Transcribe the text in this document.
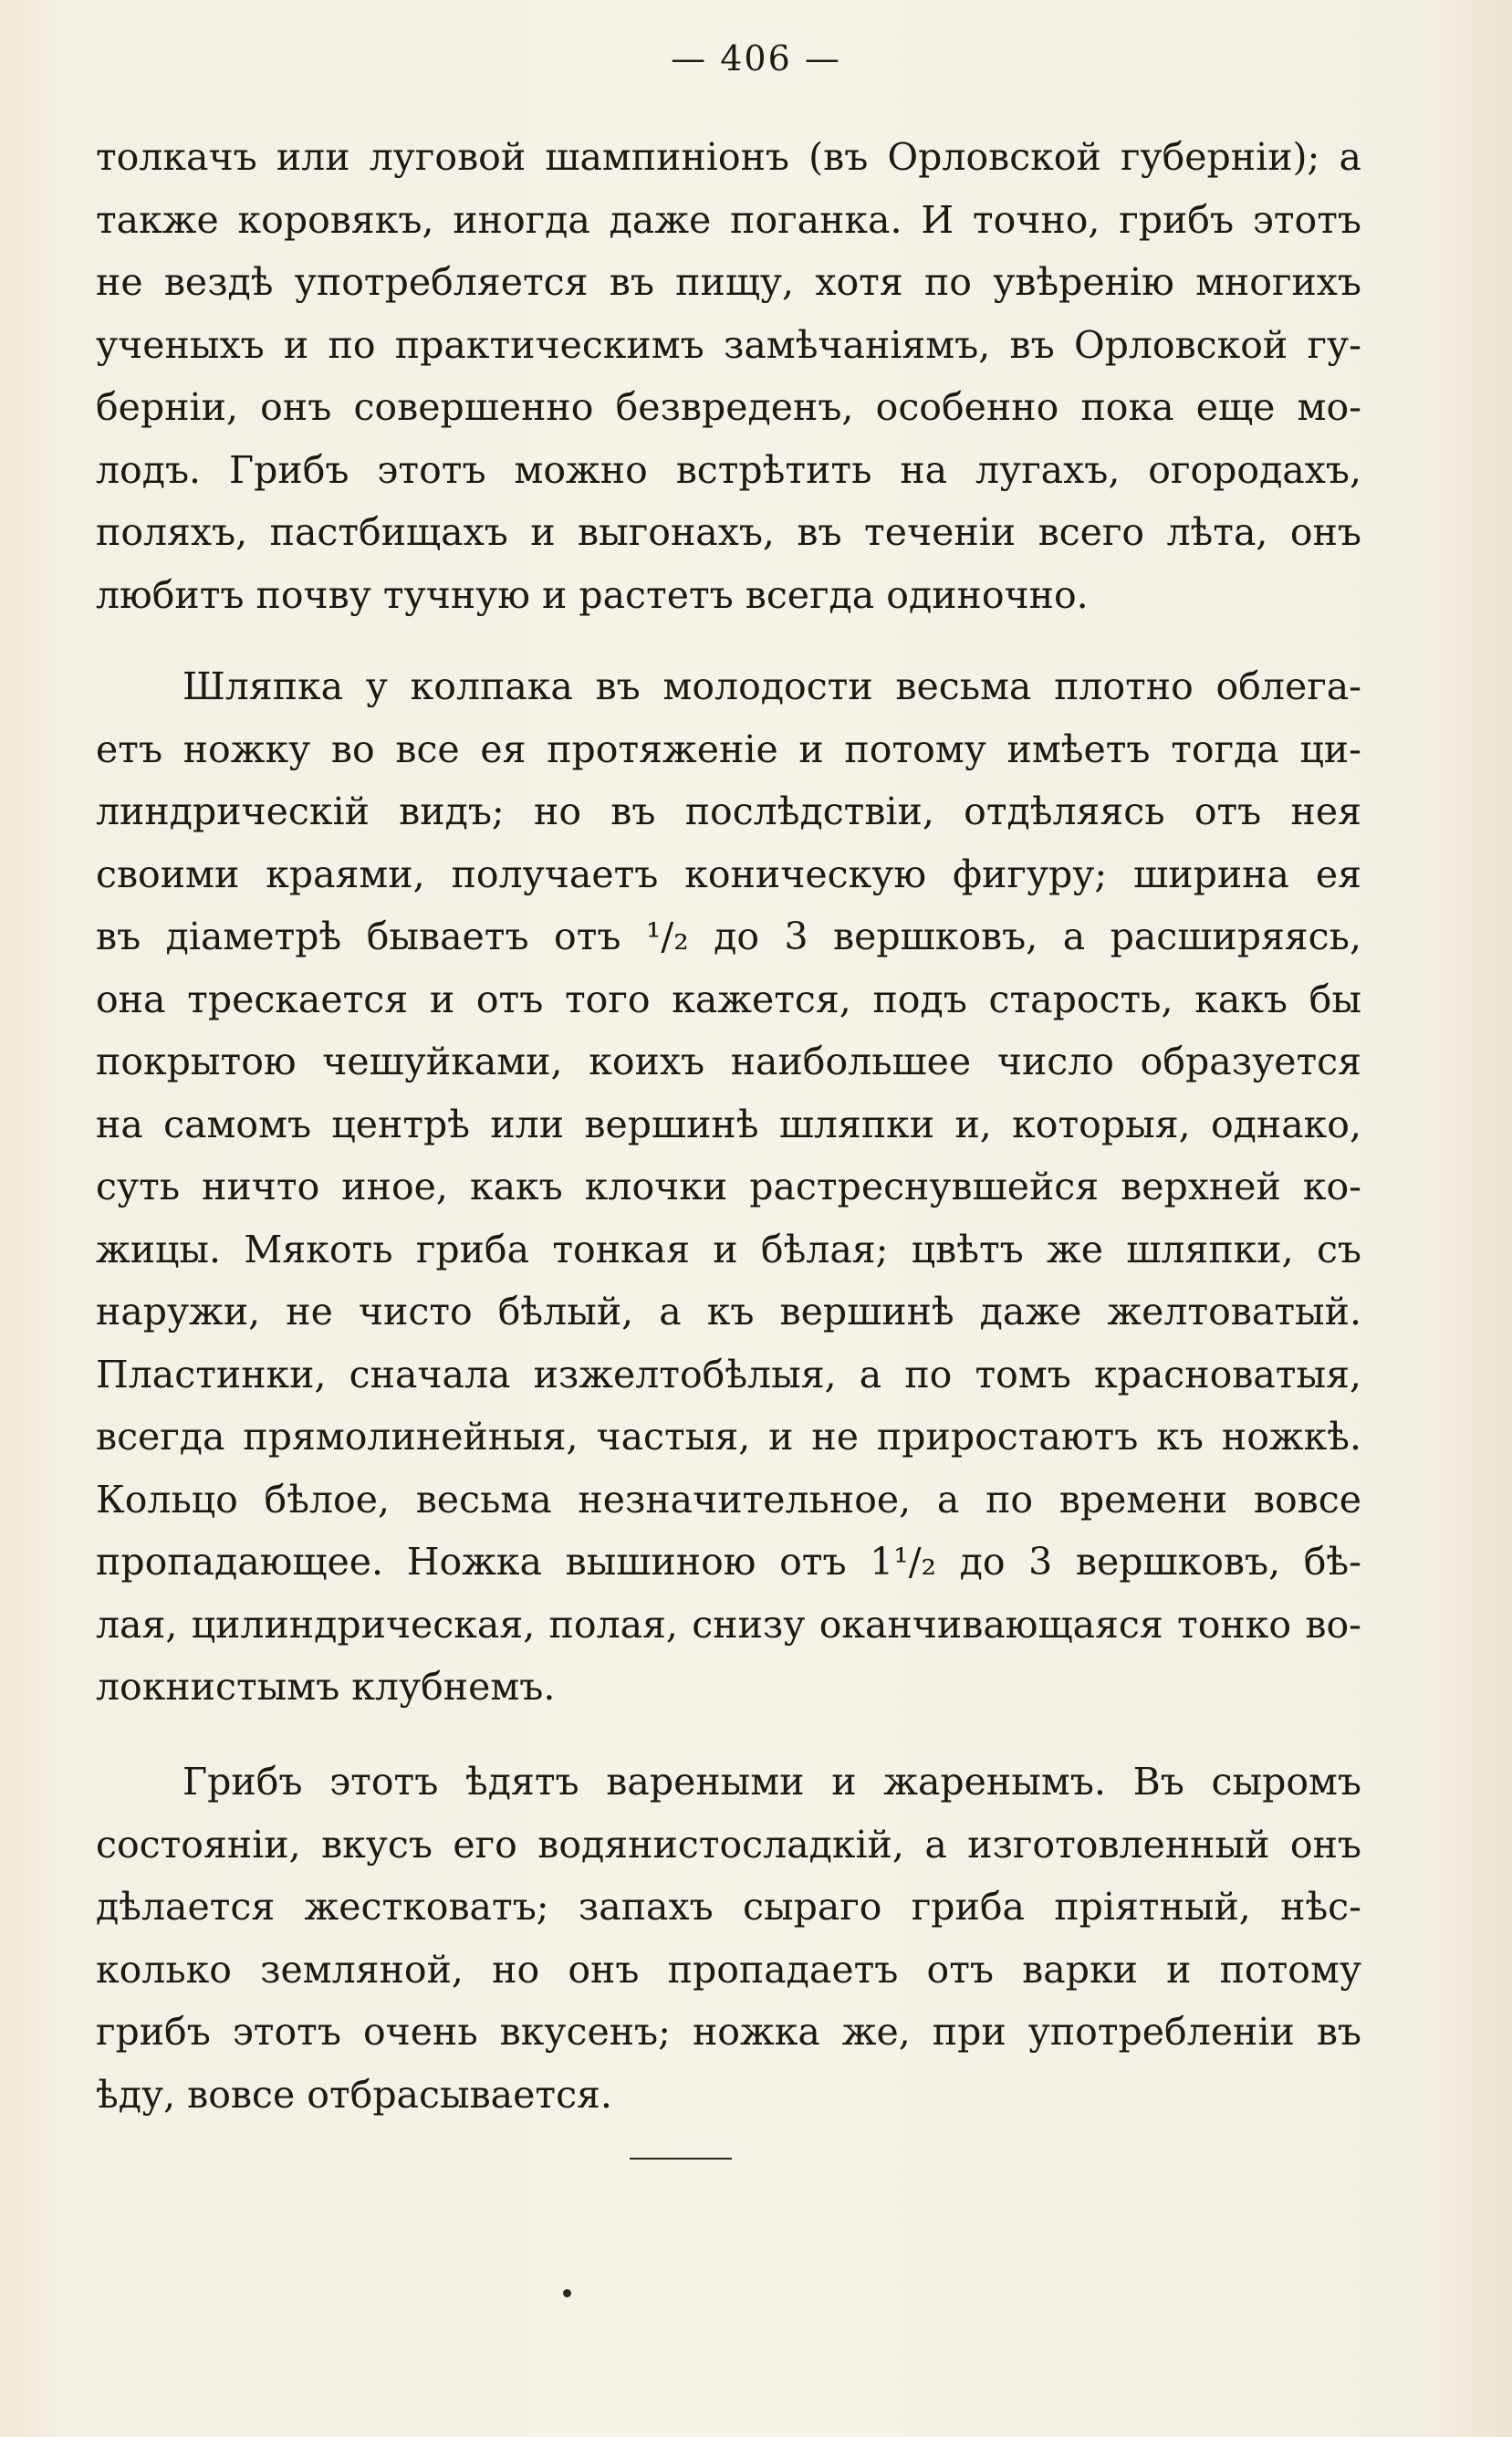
— 406 —
толкачъ или луговой шампиніонъ (въ Орловской губерніи); а
также коровякъ, иногда даже поганка. И точно, грибъ этотъ
не вездѣ употребляется въ пищу, хотя по увѣренію многихъ
ученыхъ и по практическимъ замѣчаніямъ, въ Орловской гу-
берніи, онъ совершенно безвреденъ, особенно пока еще мо-
лодъ. Грибъ этотъ можно встрѣтить на лугахъ, огородахъ,
поляхъ, пастбищахъ и выгонахъ, въ теченіи всего лѣта, онъ
любитъ почву тучную и растетъ всегда одиночно.
Шляпка у колпака въ молодости весьма плотно облега-
етъ ножку во все ея протяженіе и потому имѣетъ тогда ци-
линдрическій видъ; но въ послѣдствіи, отдѣляясь отъ нея
своими краями, получаетъ коническую фигуру; ширина ея
въ діаметрѣ бываетъ отъ ¹/₂ до 3 вершковъ, а расширяясь,
она трескается и отъ того кажется, подъ старость, какъ бы
покрытою чешуйками, коихъ наибольшее число образуется
на самомъ центрѣ или вершинѣ шляпки и, которыя, однако,
суть ничто иное, какъ клочки растреснувшейся верхней ко-
жицы. Мякоть гриба тонкая и бѣлая; цвѣтъ же шляпки, съ
наружи, не чисто бѣлый, а къ вершинѣ даже желтоватый.
Пластинки, сначала изжелтобѣлыя, а по томъ красноватыя,
всегда прямолинейныя, частыя, и не приростаютъ къ ножкѣ.
Кольцо бѣлое, весьма незначительное, а по времени вовсе
пропадающее. Ножка вышиною отъ 1¹/₂ до 3 вершковъ, бѣ-
лая, цилиндрическая, полая, снизу оканчивающаяся тонко во-
локнистымъ клубнемъ.
Грибъ этотъ ѣдятъ вареными и жаренымъ. Въ сыромъ
состояніи, вкусъ его водянистосладкій, а изготовленный онъ
дѣлается жестковатъ; запахъ сыраго гриба пріятный, нѣс-
колько земляной, но онъ пропадаетъ отъ варки и потому
грибъ этотъ очень вкусенъ; ножка же, при употребленіи въ
ѣду, вовсе отбрасывается.
